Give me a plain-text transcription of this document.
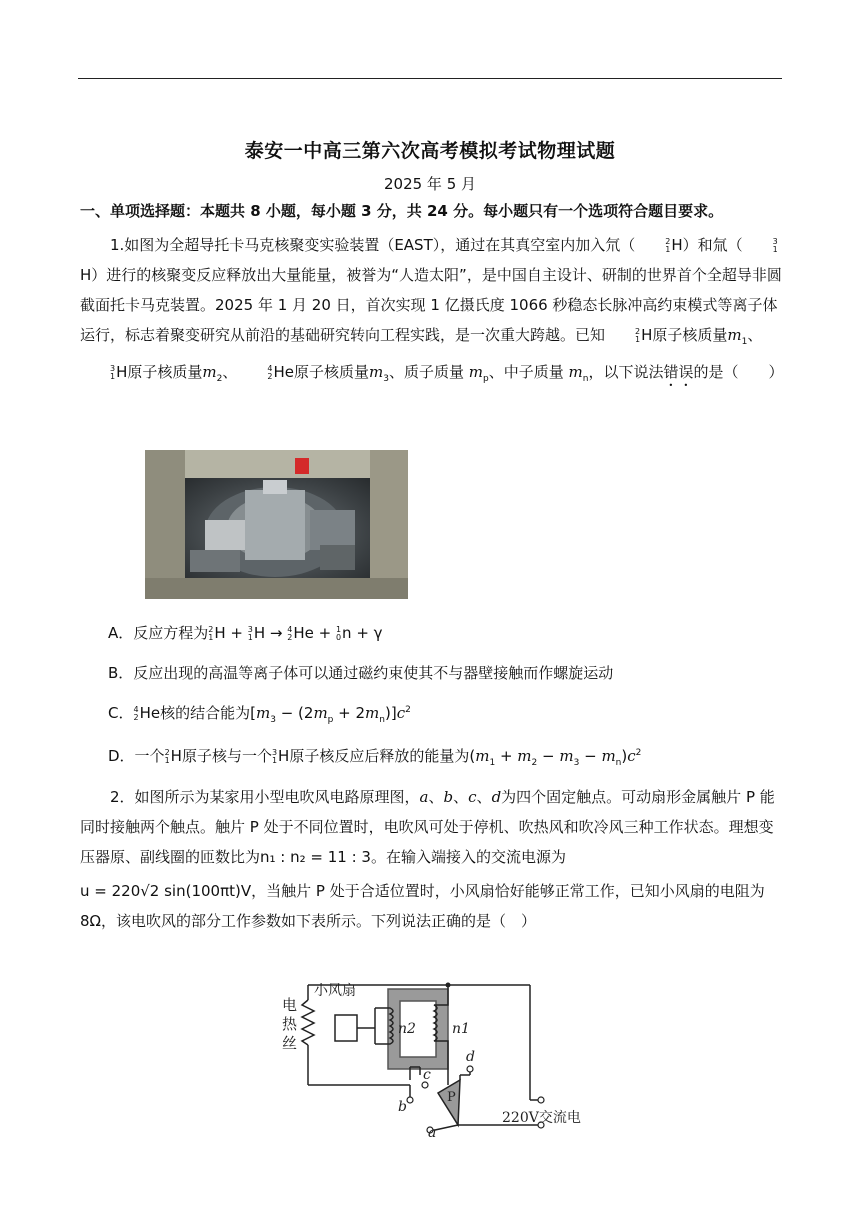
泰安一中高三第六次高考模拟考试物理试题
2025 年 5 月
一、单项选择题：本题共 8 小题，每小题 3 分，共 24 分。每小题只有一个选项符合题目要求。

1.如图为全超导托卡马克核聚变实验装置（EAST），通过在其真空室内加入氘（	2
1 H）和氚（	3
1
H）进行的核聚变反应释放出大量能量，被誉为“人造太阳”，是中国自主设计、研制的世界首个全超导非圆截面托卡马克装置。2025 年 1 月 20 日，首次实现 1 亿摄氏度 1066 秒稳态长脉冲高约束模式等离子体运行，标志着聚变研究从前沿的基础研究转向工程实践，是一次重大跨越。已知	2
1 H原子核质量$m_1$、
3
1 H原子核质量$m_2$、	4
2 He原子核质量$m_3$、质子质量 $m_p$、中子质量 $m_n$，以下说法错误的是（　　）

A．反应方程为 2
1 H + 3
1 H → 4
2 He + 1
0 n + γ
B．反应出现的高温等离子体可以通过磁约束使其不与器壁接触而作螺旋运动
C． 4
2 He核的结合能为$[m_3 - (2m_p + 2m_n)]c^2$
D．一个 2
1 H原子核与一个 3
1 H原子核反应后释放的能量为$(m_1 + m_2 - m_3 - m_n)c^2$

2．如图所示为某家用小型电吹风电路原理图，a、b、c、d为四个固定触点。可动扇形金属触片 P 能同时接触两个触点。触片 P 处于不同位置时，电吹风可处于停机、吹热风和吹冷风三种工作状态。理想变压器原、副线圈的匝数比为n₁ : n₂ = 11 : 3。在输入端接入的交流电源为

u = 220√2 sin(100πt)V，当触片 P 处于合适位置时，小风扇恰好能够正常工作，已知小风扇的电阻为8Ω，该电吹风的部分工作参数如下表所示。下列说法正确的是（　）

小风扇
电
热
丝
n2	n1
a
b
c
d
P
220V交流电
